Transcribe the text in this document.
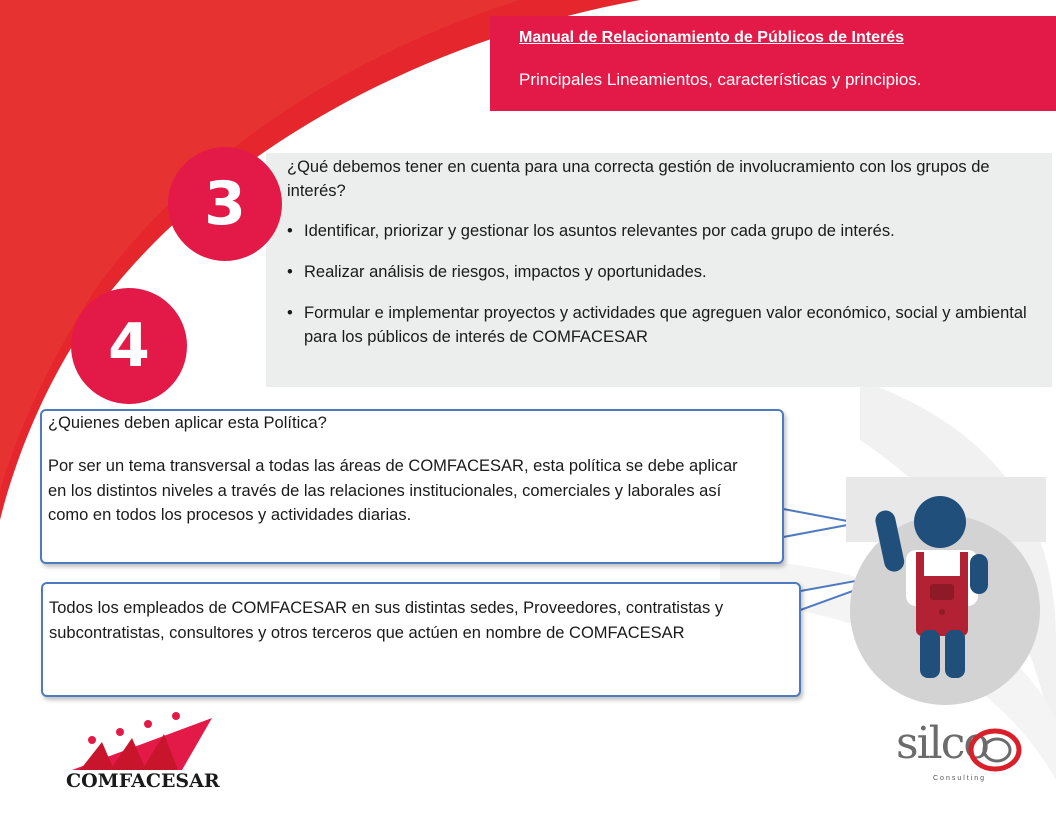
Manual de Relacionamiento de Públicos de Interés
Principales Lineamientos, características y principios.
¿Qué debemos tener en cuenta para una correcta gestión de involucramiento con los grupos de interés?
• Identificar, priorizar y gestionar los asuntos relevantes por cada grupo de interés.
• Realizar análisis de riesgos, impactos y oportunidades.
• Formular e implementar proyectos y actividades que agreguen valor económico, social y ambiental para los públicos de interés de COMFACESAR
3
4
¿Quienes deben aplicar esta Política?
Por ser un tema transversal a todas las áreas de COMFACESAR, esta política se debe aplicar en los distintos niveles a través de las relaciones institucionales, comerciales y laborales así como en todos los procesos y actividades diarias.
Todos los empleados de COMFACESAR en sus distintas sedes, Proveedores, contratistas y subcontratistas, consultores y otros terceros que actúen en nombre de COMFACESAR
COMFACESAR
silco
Consulting
